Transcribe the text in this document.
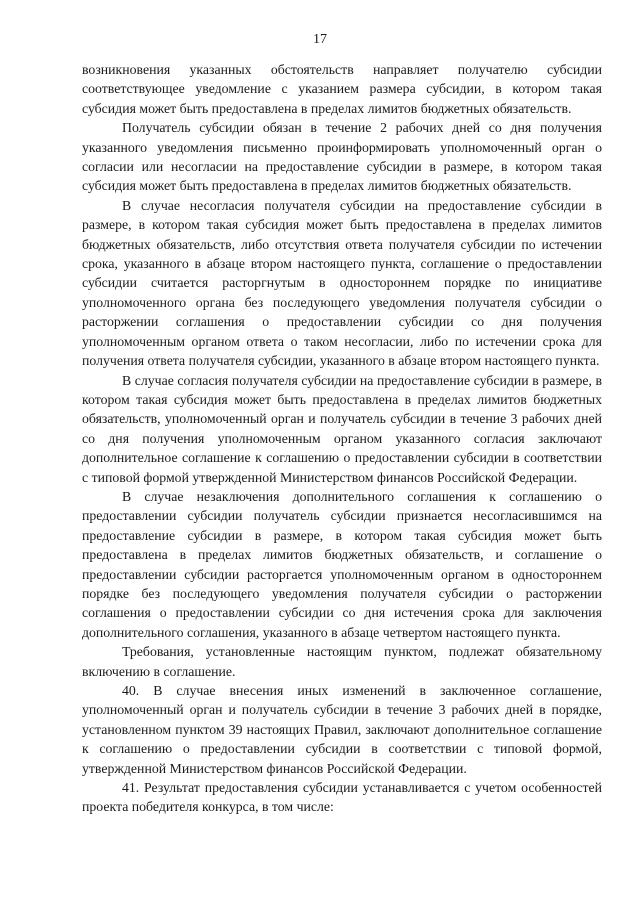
17

возникновения указанных обстоятельств направляет получателю субсидии соответствующее уведомление с указанием размера субсидии, в котором такая субсидия может быть предоставлена в пределах лимитов бюджетных обязательств.

Получатель субсидии обязан в течение 2 рабочих дней со дня получения указанного уведомления письменно проинформировать уполномоченный орган о согласии или несогласии на предоставление субсидии в размере, в котором такая субсидия может быть предоставлена в пределах лимитов бюджетных обязательств.

В случае несогласия получателя субсидии на предоставление субсидии в размере, в котором такая субсидия может быть предоставлена в пределах лимитов бюджетных обязательств, либо отсутствия ответа получателя субсидии по истечении срока, указанного в абзаце втором настоящего пункта, соглашение о предоставлении субсидии считается расторгнутым в одностороннем порядке по инициативе уполномоченного органа без последующего уведомления получателя субсидии о расторжении соглашения о предоставлении субсидии со дня получения уполномоченным органом ответа о таком несогласии, либо по истечении срока для получения ответа получателя субсидии, указанного в абзаце втором настоящего пункта.

В случае согласия получателя субсидии на предоставление субсидии в размере, в котором такая субсидия может быть предоставлена в пределах лимитов бюджетных обязательств, уполномоченный орган и получатель субсидии в течение 3 рабочих дней со дня получения уполномоченным органом указанного согласия заключают дополнительное соглашение к соглашению о предоставлении субсидии в соответствии с типовой формой утвержденной Министерством финансов Российской Федерации.

В случае незаключения дополнительного соглашения к соглашению о предоставлении субсидии получатель субсидии признается несогласившимся на предоставление субсидии в размере, в котором такая субсидия может быть предоставлена в пределах лимитов бюджетных обязательств, и соглашение о предоставлении субсидии расторгается уполномоченным органом в одностороннем порядке без последующего уведомления получателя субсидии о расторжении соглашения о предоставлении субсидии со дня истечения срока для заключения дополнительного соглашения, указанного в абзаце четвертом настоящего пункта.

Требования, установленные настоящим пунктом, подлежат обязательному включению в соглашение.

40. В случае внесения иных изменений в заключенное соглашение, уполномоченный орган и получатель субсидии в течение 3 рабочих дней в порядке, установленном пунктом 39 настоящих Правил, заключают дополнительное соглашение к соглашению о предоставлении субсидии в соответствии с типовой формой, утвержденной Министерством финансов Российской Федерации.

41. Результат предоставления субсидии устанавливается с учетом особенностей проекта победителя конкурса, в том числе:
